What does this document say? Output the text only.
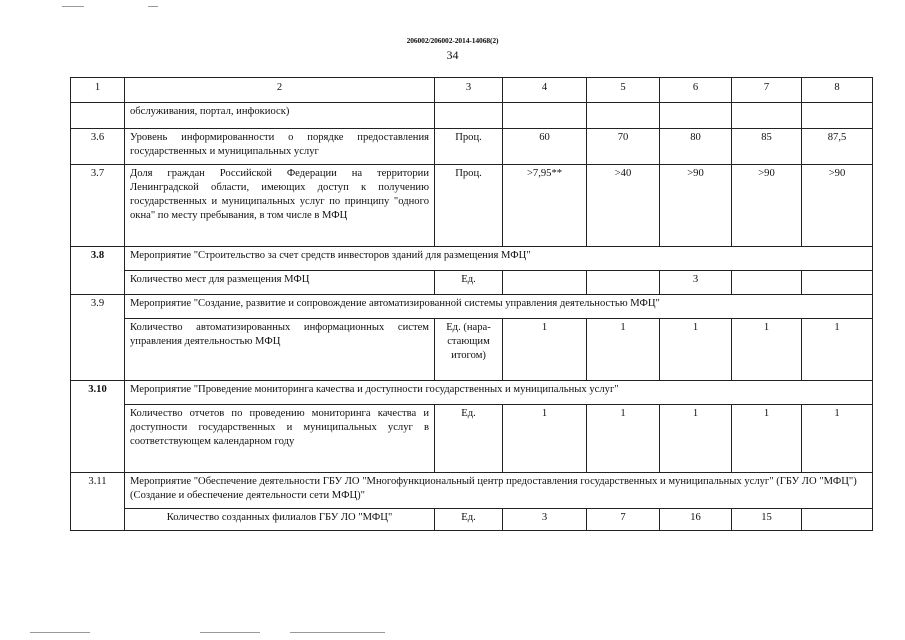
206002/206002-2014-14068(2)
34
1	2	3	4	5	6	7	8
	обслуживания, портал, инфокиоск)						
3.6	Уровень информированности о порядке предоставления государственных и муниципальных услуг	Проц.	60	70	80	85	87,5
3.7	Доля граждан Российской Федерации на территории Ленинградской области, имеющих доступ к получению государственных и муниципальных услуг по принципу "одного окна" по месту пребывания, в том числе в МФЦ	Проц.	>7,95**	>40	>90	>90	>90
3.8	Мероприятие "Строительство за счет средств инвесторов зданий для размещения МФЦ"						
	Количество мест для размещения МФЦ	Ед.			3		
3.9	Мероприятие "Создание, развитие и сопровождение автоматизированной системы управления деятельностью МФЦ"						
	Количество автоматизированных информационных систем управления деятельностью МФЦ	Ед. (нара-стающим итогом)	1	1	1	1	1
3.10	Мероприятие "Проведение мониторинга качества и доступности государственных и муниципальных услуг"						
	Количество отчетов по проведению мониторинга качества и доступности государственных и муниципальных услуг в соответствующем календарном году	Ед.	1	1	1	1	1
3.11	Мероприятие "Обеспечение деятельности ГБУ ЛО "Многофункциональный центр предоставления государственных и муниципальных услуг" (ГБУ ЛО "МФЦ") (Создание и обеспечение деятельности сети МФЦ)"						
	Количество созданных филиалов ГБУ ЛО "МФЦ"	Ед.	3	7	16	15	
